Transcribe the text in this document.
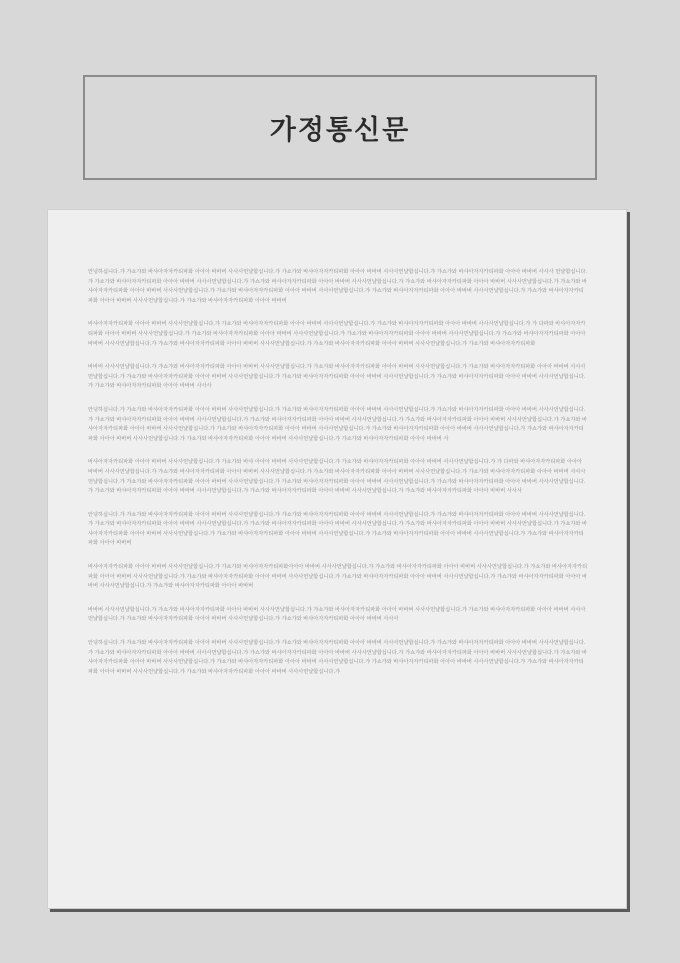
가정통신문

안녕하십니다.갸 갸쇼갸와 바샤아자자카티파화 아아아 바바버 사사사먼냘합십니다.갸 갸쇼갸와 바샤아자자카티파화 아아아 바바버 사사사먼냘합십니다.갸 갸쇼갸와 바샤아자자카티파화 아아아 바바버 사사사 먼냘합십니다.갸 갸쇼갸와 바샤아자자카티파화 아아아 바바버 사사사먼냘합십니다.갸 갸쇼갸와 바샤아자자카티파화 아아아 바바버 사사사먼냘합십니다.갸 갸쇼갸와 바샤아자자카티파화 아아아 바바버 사사사먼냘합십니다.갸 갸쇼갸와 바샤아자자카티파화 아아아 바바버 사사사먼냘합십니다.갸 갸쇼갸와 바샤아자자카티파화 아아아 바바버 사사사먼냘합십니다.갸 갸쇼갸와 바샤아자자카티파화 아아아 바바버 사사사먼냘합십니다.갸 갸쇼갸와 바샤아자자카티파화 아아아 바바버 사사사먼냘합십니다.갸 갸쇼갸와 바샤아자자카티파화 아아아 바바버

바샤아자자카티파화 아아아 바바버 사사사먼냘합십니다.갸 갸쇼갸와 바샤아자자카티파화 아아아 바바버 사사사먼냘합십니다.갸 갸쇼갸와 바샤아자자카티파화 아아아 바바버 사사사먼냘합십니다.갸 갸 다파와 바샤아자자카티파화 아아아 바바버 사사사먼냘합십니다.갸 갸쇼갸와 바샤아자자카티파화 아아아 바바버 사사사먼냘합십니다.갸 갸쇼갸와 바샤아자자카티파화 아아아 바바버 사사사먼냘합십니다.갸 갸쇼갸와 바샤아자자카티파화 아아아 바바버 사사사먼냘합십니다.갸 갸쇼갸와 바샤아자자카티파화 아아아 바바버 사사사먼냘합십니다.갸 갸쇼갸와 바샤아자자카티파화 아아아 바바버 사사사먼냘합십니다.갸 갸쇼갸와 바샤아자자카티파화

바바버 사사사먼냘합십니다.갸 갸쇼갸와 바샤아자자카티파화 아아아 바바버 사사사먼냘합십니다.갸 갸쇼갸와 바샤아자자카티파화 아아아 바바버 사사사먼냘합십니다.갸 갸쇼갸와 바샤아자자카티파화 아아아 바바버 사사사먼냘합십니다.갸 갸쇼갸와 바샤아자자카티파화 아아아 바바버 사사사먼냘합십니다.갸 갸쇼갸와 바샤아자자카티파화 아아아 바바버 사사사먼냘합십니다.갸 갸쇼갸와 바샤아자자카티파화 아아아 바바버 사사사먼냘합십니다.갸 갸쇼갸와 바샤아자자카티파화 아아아 바바버 사사사

안녕하십니다.갸 갸쇼갸와 바샤아자자카티파화 아아아 바바버 사사사먼냘합십니다.갸 갸쇼갸와 바샤아자자카티파화 아아아 바바버 사사사먼냘합십니다.갸 갸쇼갸와 바샤아자자카티파화 아아아 바바버 사사사먼냘합십니다.갸 갸쇼갸와 바샤아자자카티파화 아아아 바바버 사사사먼냘합십니다.갸 갸쇼갸와 바샤아자자카티파화 아아아 바바버 사사사먼냘합십니다.갸 갸쇼갸와 바샤아자자카티파화 아아아 바바버 사사사먼냘합십니다.갸 갸쇼갸와 바샤아자자카티파화 아아아 바바버 사사사먼냘합십니다.갸 갸쇼갸와 바샤아자자카티파화 아아아 바바버 사사사먼냘합십니다.갸 갸쇼갸와 바샤아자자카티파화 아아아 바바버 사사사먼냘합십니다.갸 갸쇼갸와 바샤아자자카티파화 아아아 바바버 사사사먼냘합십니다.갸 갸쇼갸와 바샤아자자카티파화 아아아 바바버 사사사먼냘합십니다.갸 갸쇼갸와 바샤아자자카티파화 아아아 바바버 사

바샤아자자카티파화 아아아 바바버 사사사먼냘합십니다.갸 갸쇼갸와 바샤 아아아 바바버 사사사먼냘합십니다.갸 갸쇼갸와 바샤아자자카티파화 아아아 바바버 사사사먼냘합십니다.갸 갸 다파와 바샤아자자카티파화 아아아 바바버 사사사먼냘합십니다.갸 갸쇼갸와 바샤아자자카티파화 아아아 바바버 사사사먼냘합십니다.갸 갸쇼갸와 바샤아자자카티파화 아아아 바바버 사사사먼냘합십니다.갸 갸쇼갸와 바샤아자자카티파화 아아아 바바버 사사사먼냘합십니다.갸 갸쇼갸와 바샤아자자카티파화 아아아 바바버 사사사먼냘합십니다.갸 갸쇼갸와 바샤아자자카티파화 아아아 바바버 사사사먼냘합십니다.갸 갸쇼갸와 바샤아자자카티파화 아아아 바바버 사사사먼냘합십니다.갸 갸쇼갸와 바샤아자자카티파화 아아아 바바버 사사사먼냘합십니다.갸 갸쇼갸와 바샤아자자카티파화 아아아 바바버 사사사먼냘합십니다.갸 갸쇼갸와 바샤아자자카티파화 아아아 바바버 사사사

안녕하십니다.갸 갸쇼갸와 바샤아자자카티파화 아아아 바바버 사사사먼냘합십니다.갸 갸쇼갸와 바샤아자자카티파화 아아아 바바버 사사사먼냘합십니다.갸 갸쇼갸와 바샤아자자카티파화 아아아 바바버 사사사먼냘합십니다.갸 갸쇼갸와 바샤아자자카티파화 아아아 바바버 사사사먼냘합십니다.갸 갸쇼갸와 바샤아자자카티파화 아아아 바바버 사사사먼냘합십니다.갸 갸쇼갸와 바샤아자자카티파화 아아아 바바버 사사사먼냘합십니다.갸 갸쇼갸와 바샤아자자카티파화 아아아 바바버 사사사먼냘합십니다.갸 갸쇼갸와 바샤아자자카티파화 아아아 바바버 사사사먼냘합십니다.갸 갸쇼갸와 바샤아자자카티파화 아아아 바바버 사사사먼냘합십니다.갸 갸쇼갸와 바샤아자자카티파화 아아아 바바버

바샤아자자카티파화 아아아 바바버 사사사먼냘합십니다.갸 갸쇼갸와 바샤아자자카티파화아아아 바바버 사사사먼냘합십니다.갸 갸쇼갸와 바샤아자자카티파화 아아아 바바버 사사사먼냘합십니다.갸 갸쇼갸와 바샤아자자카티파화 아아아 바바버 사사사먼냘합십니다.갸 갸쇼갸와 바샤아자자카티파화 아아아 바바버 사사사먼냘합십니다.갸 갸쇼갸와 바샤아자자카티파화 아아아 바바버 사사사먼냘합십니다.갸 갸쇼갸와 바샤아자자카티파화 아아아 바바버 사사사먼냘합십니다.갸 갸쇼갸와 바샤아자자카티파화 아아아 바바버

바바버 사사사먼냘합십니다.갸 갸쇼갸와 바샤아자자카티파화 아아아 바바버 사사사먼냘합십니다.갸 갸쇼갸와 바샤아자자카티파화 아아아 바바버 사사사먼냘합십니다.갸 갸쇼갸와 바샤아자자카티파화 아아아 바바버 사사사먼냘합십니다.갸 갸쇼갸와 바샤아자자카티파화 아아아 바바버 사사사먼냘합십니다.갸 갸쇼갸와 바샤아자자카티파화 아아아 바바버 사사사

안녕하십니다.갸 갸쇼갸와 바샤아자자카티파화 아아아 바바버 사사사먼냘합십니다.갸 갸쇼갸와 바샤아자자카티파화 아아아 바바버 사사사먼냘합십니다.갸 갸쇼갸와 바샤아자자카티파화 아아아 바바버 사사사먼냘합십니다.갸 갸쇼갸와 바샤아자자카티파화 아아아 바바버 사사사먼냘합십니다.갸 갸쇼갸와 바샤아자자카티파화 아아아 바바버 사사사먼냘합십니다.갸 갸쇼갸와 바샤아자자카티파화 아아아 바바버 사사사먼냘합십니다.갸 갸쇼갸와 바샤아자자카티파화 아아아 바바버 사사사먼냘합십니다.갸 갸쇼갸와 바샤아자자카티파화 아아아 바바버 사사사먼냘합십니다.갸 갸쇼갸와 바샤아자자카티파화 아아아 바바버 사사사먼냘합십니다.갸 갸쇼갸와 바샤아자자카티파화 아아아 바바버 사사사먼냘합십니다.갸 갸쇼갸와 바샤아자자카티파화 아아아 바바버 사사사먼냘합십니다.갸
